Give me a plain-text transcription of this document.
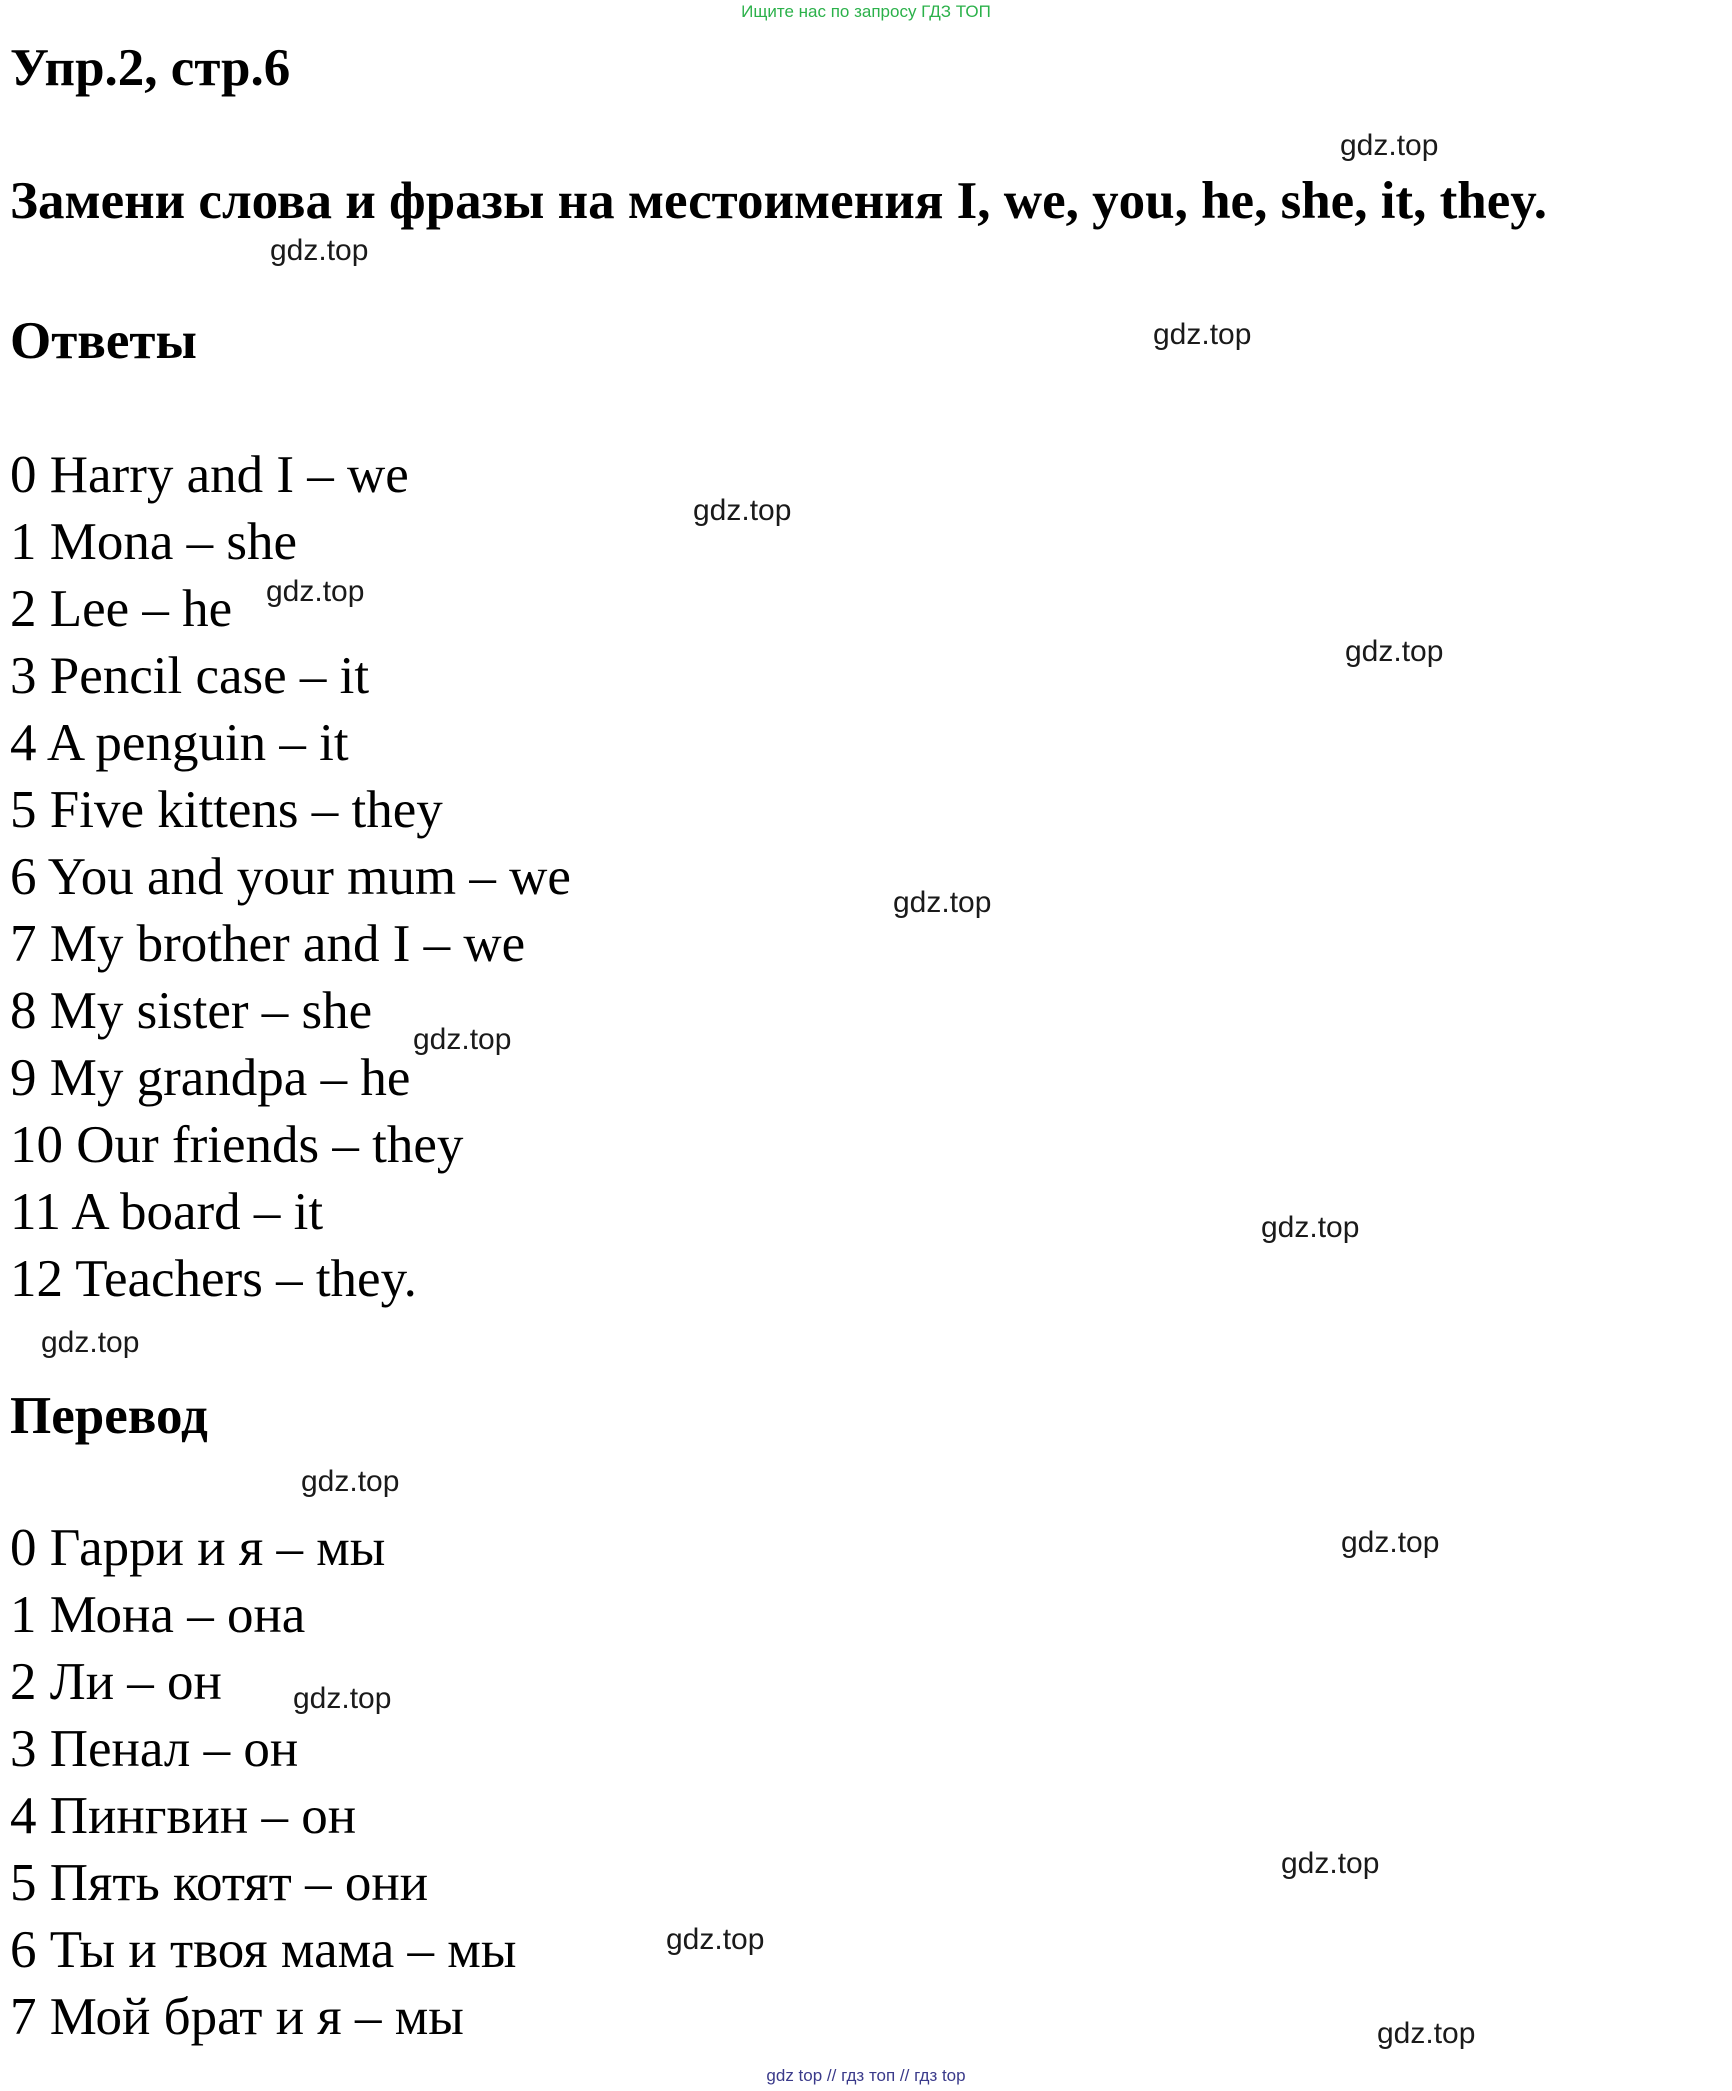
Ищите нас по запросу ГДЗ ТОП
Упр.2, стр.6

Замени слова и фразы на местоимения I, we, you, he, she, it, they.

Ответы
0 Harry and I – we
1 Mona – she
2 Lee – he
3 Pencil case – it
4 A penguin – it
5 Five kittens – they
6 You and your mum – we
7 My brother and I – we
8 My sister – she
9 My grandpa – he
10 Our friends – they
11 A board – it
12 Teachers – they.
Перевод
0 Гарри и я – мы
1 Мона – она
2 Ли – он
3 Пенал – он
4 Пингвин – он
5 Пять котят – они
6 Ты и твоя мама – мы
7 Мой брат и я – мы
gdz.top
gdz.top
gdz.top
gdz.top
gdz.top
gdz.top
gdz.top
gdz.top
gdz.top
gdz.top
gdz.top
gdz.top
gdz.top
gdz.top
gdz.top
gdz.top
gdz top // гдз топ // гдз top
